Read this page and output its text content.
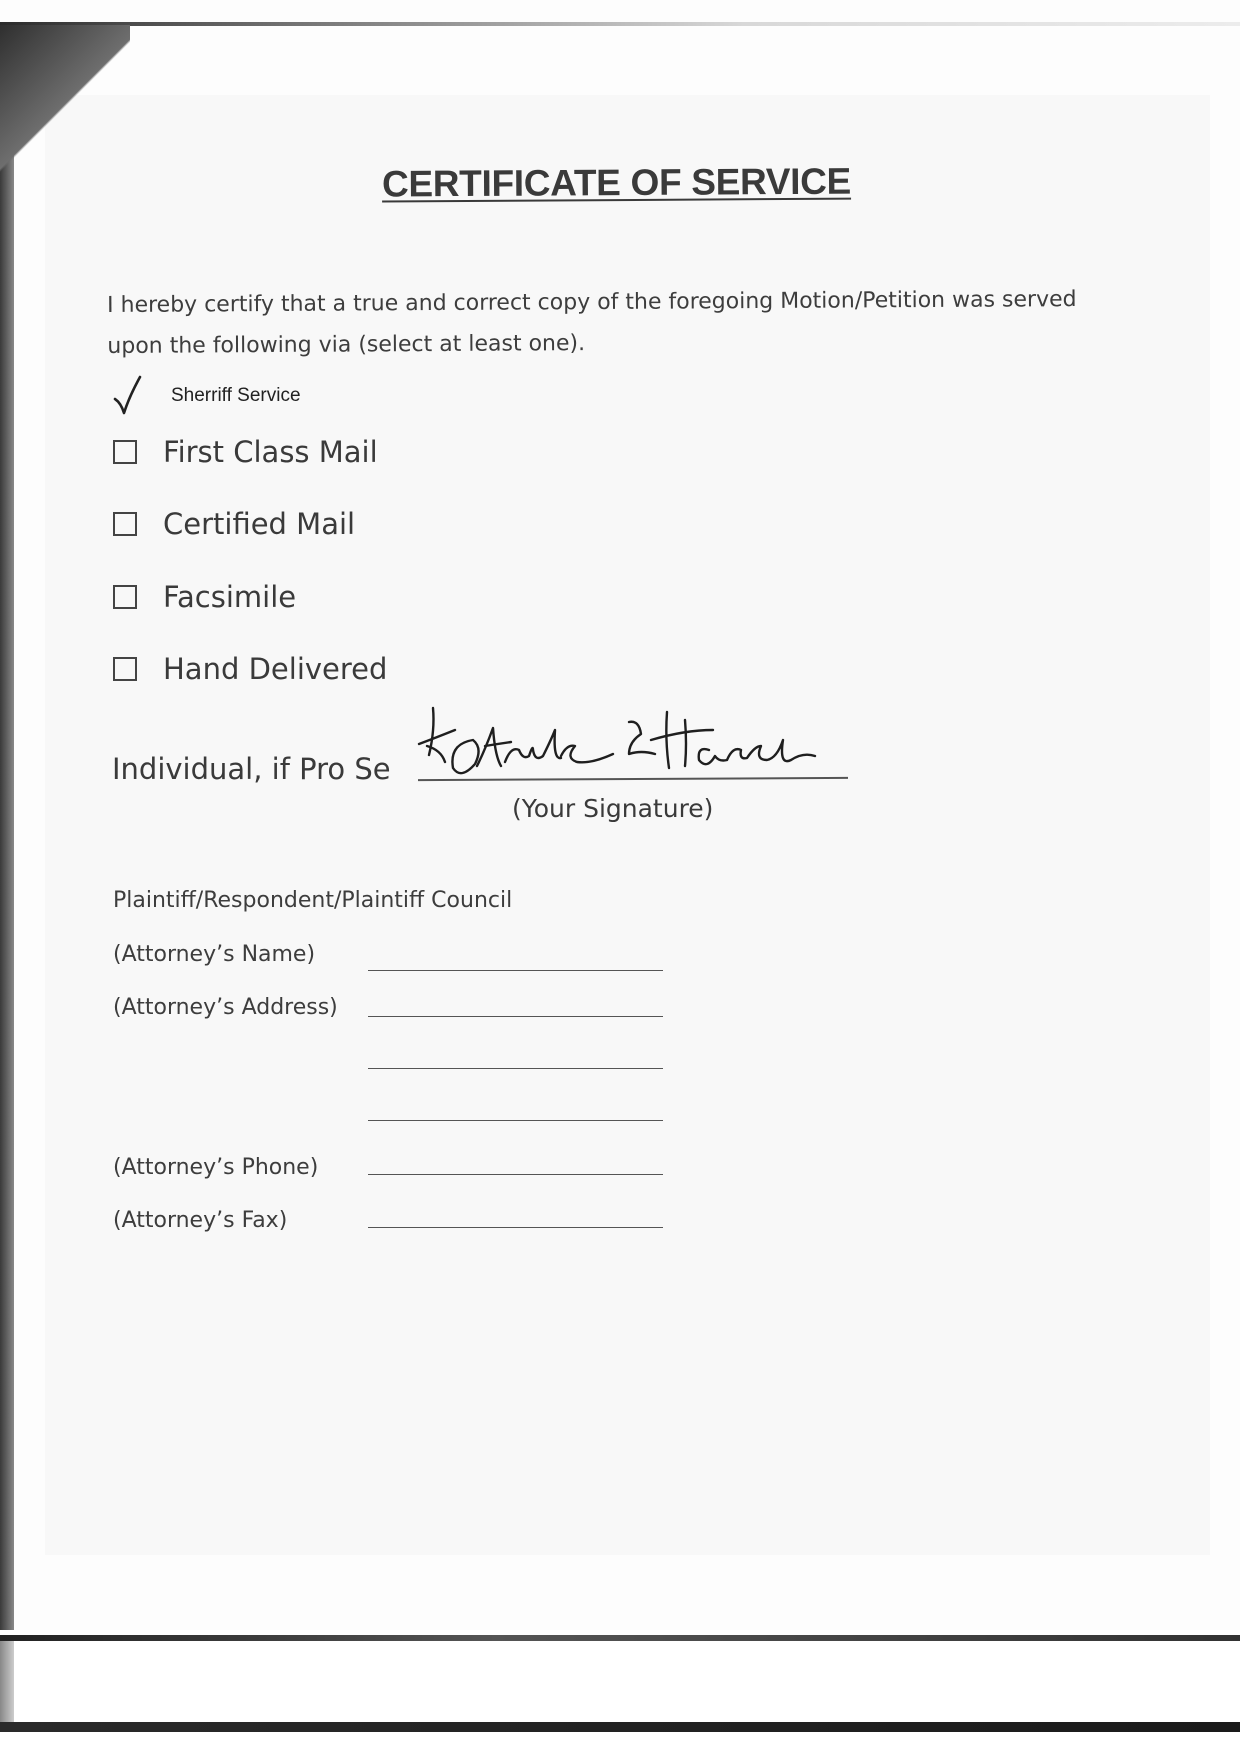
CERTIFICATE OF SERVICE
I hereby certify that a true and correct copy of the foregoing Motion/Petition was served
upon the following via (select at least one).
Sherriff Service
First Class Mail
Certified Mail
Facsimile
Hand Delivered
Individual, if Pro Se
(Your Signature)
Plaintiff/Respondent/Plaintiff Council
(Attorney’s Name)
(Attorney’s Address)
(Attorney’s Phone)
(Attorney’s Fax)
